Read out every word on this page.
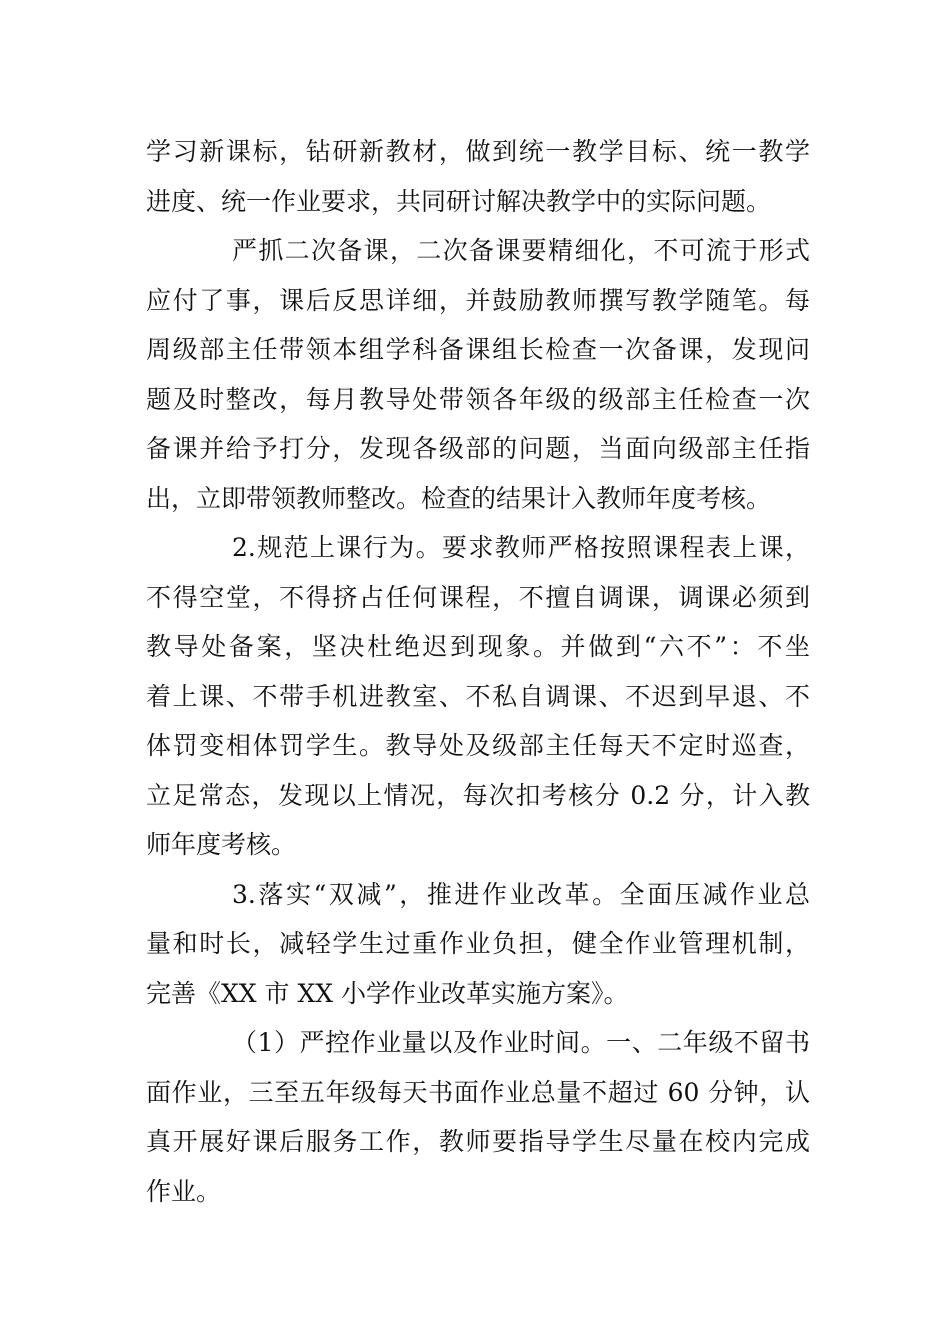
学习新课标，钻研新教材，做到统一教学目标、统一教学
进度、统一作业要求，共同研讨解决教学中的实际问题。
严抓二次备课，二次备课要精细化，不可流于形式
应付了事，课后反思详细，并鼓励教师撰写教学随笔。每
周级部主任带领本组学科备课组长检查一次备课，发现问
题及时整改，每月教导处带领各年级的级部主任检查一次
备课并给予打分，发现各级部的问题，当面向级部主任指
出，立即带领教师整改。检查的结果计入教师年度考核。
2.规范上课行为。要求教师严格按照课程表上课，
不得空堂，不得挤占任何课程，不擅自调课，调课必须到
教导处备案，坚决杜绝迟到现象。并做到“六不”：不坐
着上课、不带手机进教室、不私自调课、不迟到早退、不
体罚变相体罚学生。教导处及级部主任每天不定时巡查，
立足常态，发现以上情况，每次扣考核分 0.2 分，计入教
师年度考核。
3.落实“双减”，推进作业改革。全面压减作业总
量和时长，减轻学生过重作业负担，健全作业管理机制，
完善《XX 市 XX 小学作业改革实施方案》。
（1）严控作业量以及作业时间。一、二年级不留书
面作业，三至五年级每天书面作业总量不超过 60 分钟，认
真开展好课后服务工作，教师要指导学生尽量在校内完成
作业。
